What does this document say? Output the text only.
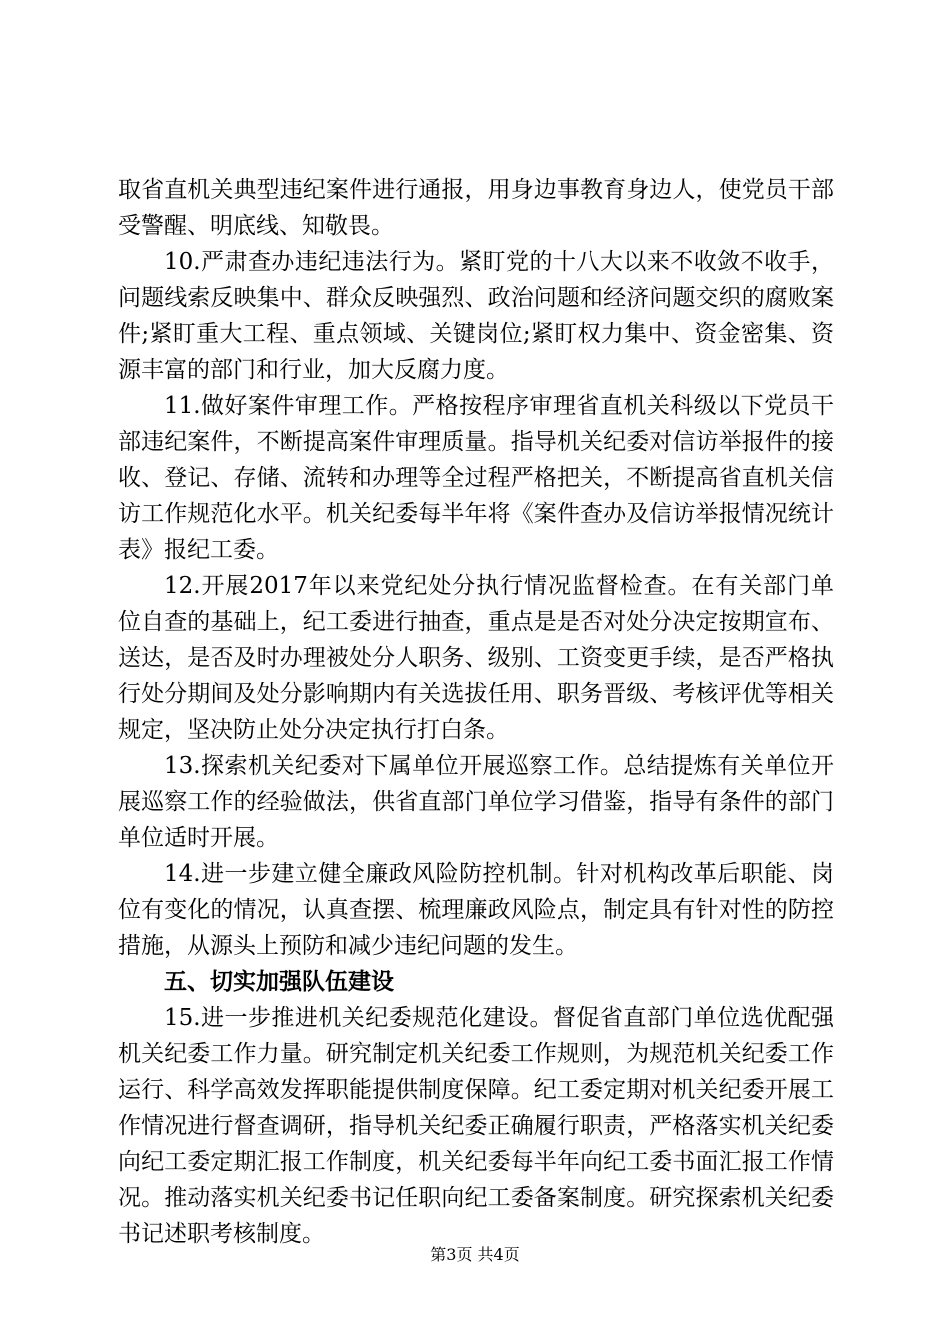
取省直机关典型违纪案件进行通报，用身边事教育身边人，使党员干部受警醒、明底线、知敬畏。

10.严肃查办违纪违法行为。紧盯党的十八大以来不收敛不收手，问题线索反映集中、群众反映强烈、政治问题和经济问题交织的腐败案件;紧盯重大工程、重点领域、关键岗位;紧盯权力集中、资金密集、资源丰富的部门和行业，加大反腐力度。

11.做好案件审理工作。严格按程序审理省直机关科级以下党员干部违纪案件，不断提高案件审理质量。指导机关纪委对信访举报件的接收、登记、存储、流转和办理等全过程严格把关，不断提高省直机关信访工作规范化水平。机关纪委每半年将《案件查办及信访举报情况统计表》报纪工委。

12.开展2017年以来党纪处分执行情况监督检查。在有关部门单位自查的基础上，纪工委进行抽查，重点是是否对处分决定按期宣布、送达，是否及时办理被处分人职务、级别、工资变更手续，是否严格执行处分期间及处分影响期内有关选拔任用、职务晋级、考核评优等相关规定，坚决防止处分决定执行打白条。

13.探索机关纪委对下属单位开展巡察工作。总结提炼有关单位开展巡察工作的经验做法，供省直部门单位学习借鉴，指导有条件的部门单位适时开展。

14.进一步建立健全廉政风险防控机制。针对机构改革后职能、岗位有变化的情况，认真查摆、梳理廉政风险点，制定具有针对性的防控措施，从源头上预防和减少违纪问题的发生。

五、切实加强队伍建设

15.进一步推进机关纪委规范化建设。督促省直部门单位选优配强机关纪委工作力量。研究制定机关纪委工作规则，为规范机关纪委工作运行、科学高效发挥职能提供制度保障。纪工委定期对机关纪委开展工作情况进行督查调研，指导机关纪委正确履行职责，严格落实机关纪委向纪工委定期汇报工作制度，机关纪委每半年向纪工委书面汇报工作情况。推动落实机关纪委书记任职向纪工委备案制度。研究探索机关纪委书记述职考核制度。

第3页 共4页
